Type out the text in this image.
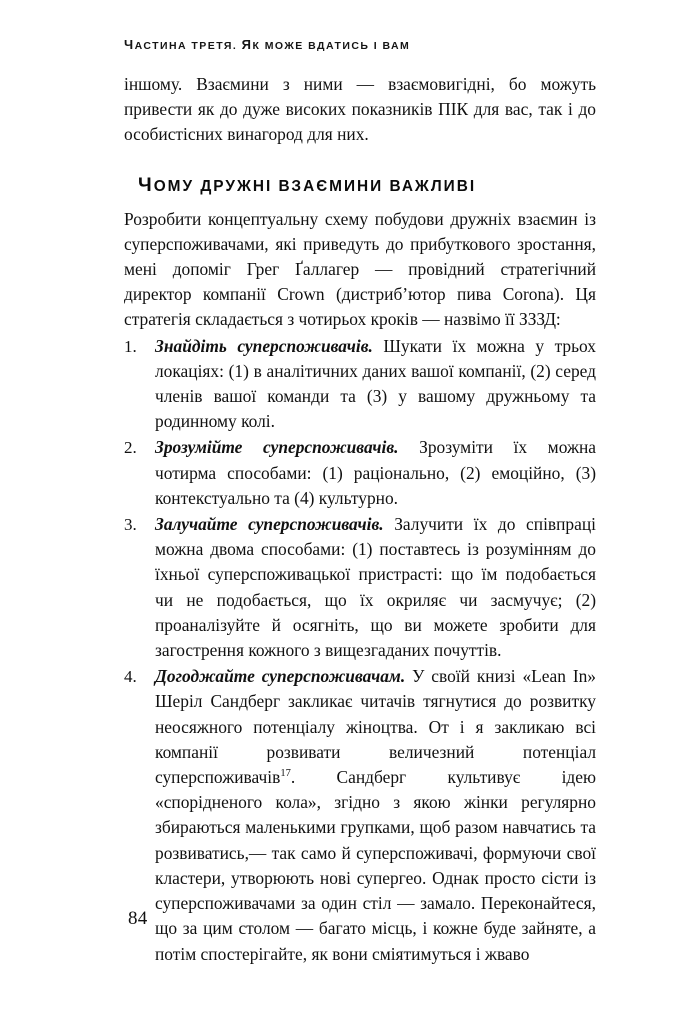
ЧАСТИНА ТРЕТЯ. ЯК МОЖЕ ВДАТИСЬ І ВАМ

іншому. Взаємини з ними — взаємовигідні, бо можуть привести як до дуже високих показників ПІК для вас, так і до особистісних винагород для них.

ЧОМУ ДРУЖНІ ВЗАЄМИНИ ВАЖЛИВІ

Розробити концептуальну схему побудови дружніх взаємин із суперспоживачами, які приведуть до прибуткового зростання, мені допоміг Грег Ґаллагер — провідний стратегічний директор компанії Crown (дистриб’ютор пива Corona). Ця стратегія складається з чотирьох кроків — назвімо її ЗЗЗД:

1.	Знайдіть суперспоживачів. Шукати їх можна у трьох локаціях: (1) в аналітичних даних вашої компанії, (2) серед членів вашої команди та (3) у вашому дружньому та родинному колі.
2.	Зрозумійте суперспоживачів. Зрозуміти їх можна чотирма способами: (1) раціонально, (2) емоційно, (3) контекстуально та (4) культурно.
3.	Залучайте суперспоживачів. Залучити їх до співпраці можна двома способами: (1) поставтесь із розумінням до їхньої суперспоживацької пристрасті: що їм подобається чи не подобається, що їх окриляє чи засмучує; (2) проаналізуйте й осягніть, що ви можете зробити для загострення кожного з вищезгаданих почуттів.
4.	Догоджайте суперспоживачам. У своїй книзі «Lean In» Шеріл Сандберг закликає читачів тягнутися до розвитку неосяжного потенціалу жіноцтва. От і я закликаю всі компанії розвивати величезний потенціал суперспоживачів$^{17}$. Сандберг культивує ідею «спорідненого кола», згідно з якою жінки регулярно збираються маленькими групками, щоб разом навчатись та розвиватись,— так само й суперспоживачі, формуючи свої кластери, утворюють нові супергео. Однак просто сісти із суперспоживачами за один стіл — замало. Переконайтеся, що за цим столом — багато місць, і кожне буде зайняте, а потім спостерігайте, як вони сміятимуться і жваво
84
